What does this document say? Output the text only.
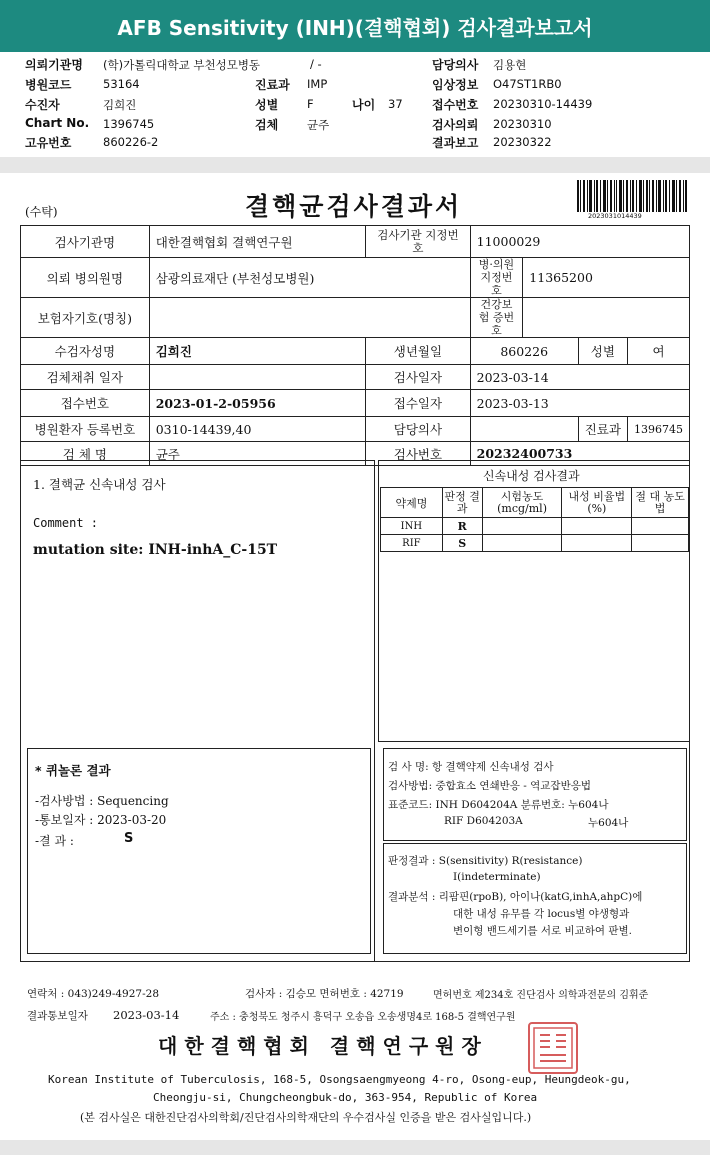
AFB Sensitivity (INH)(결핵협회) 검사결과보고서
의뢰기관명 (학)가톨릭대학교 부천성모병동	/ -	담당의사 김용현
병원코드	53164	진료과 IMP	임상정보 O47ST1RB0
수진자	김희진	성별	F	나이 37 접수번호 20230310-14439
Chart No. 1396745	검체	균주	검사의뢰 20230310
고유번호	860226-2	결과보고 20230322
(수탁)	결핵균검사결과서	2023031014439
검사기관명	대한결핵협회 결핵연구원	검사기관 지정번호	11000029			
의뢰 병의원명	삼광의료재단 (부천성모병원)		병·의원 지정번호	11365200		
보험자기호(명칭)			건강보험 증번호			
수검자성명	김희진	생년월일	860226		성별	여
검체채취 일자		검사일자	2023-03-14			
접수번호	2023-01-2-05956	접수일자	2023-03-13			
병원환자 등록번호	0310-14439,40	담당의사			진료과	1396745
검 체 명	균주	검사번호	20232400733			
1. 결핵균 신속내성 검사
Comment :
mutation site: INH-inhA_C-15T
신속내성 검사결과
약제명	판정 결과	시험농도 (mcg/ml)	내성 비율법(%)	절 대 농도법
INH	R			
RIF	S			
* 퀴놀론 결과
-검사방법 : Sequencing
-통보일자 : 2023-03-20
-결 과 :	S
검 사 명: 항 결핵약제 신속내성 검사
검사방법: 중합효소 연쇄반응 - 역교잡반응법
표준코드: INH D604204A 분류번호: 누604나
RIF D604203A	누604나
판정결과 : S(sensitivity) R(resistance)
I(indeterminate)
결과분석 : 리팜핀(rpoB), 아이나(katG,inhA,ahpC)에
대한 내성 유무를 각 locus별 야생형과
변이형 밴드세기를 서로 비교하여 판별.
연락처 : 043)249-4927-28	검사자 : 김승모 면허번호 : 42719	면허번호 제234호 진단검사 의학과전문의 김휘준
결과통보일자 2023-03-14	주소 : 충청북도 청주시 흥덕구 오송읍 오송생명4로 168-5 결핵연구원
대한결핵협회 결핵연구원장
Korean Institute of Tuberculosis, 168-5, Osongsaengmyeong 4-ro, Osong-eup, Heungdeok-gu,
Cheongju-si, Chungcheongbuk-do, 363-954, Republic of Korea
(본 검사실은 대한진단검사의학회/진단검사의학재단의 우수검사실 인증을 받은 검사실입니다.)
